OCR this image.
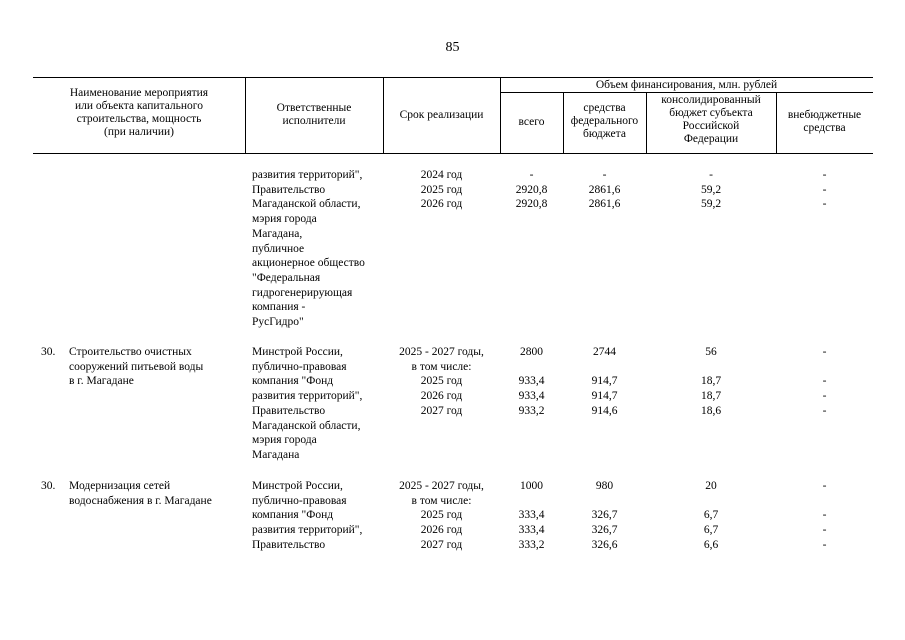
85
Наименование мероприятия
или объекта капитального
строительства, мощность
(при наличии)
Ответственные
исполнители	Срок реализации
Объем финансирования, млн. рублей
всего
средства
федерального
бюджета
консолидированный
бюджет субъекта
Российской
Федерации
внебюджетные
средства
развития территорий",
Правительство
Магаданской области,
мэрия города
Магадана,
публичное
акционерное общество
"Федеральная
гидрогенерирующая
компания -
РусГидро"
2024 год
2025 год
2026 год
-
2920,8
2920,8
-
2861,6
2861,6
-
59,2
59,2
-
-
-
30. Строительство очистных
сооружений питьевой воды
в г. Магадане
Минстрой России,
публично-правовая
компания "Фонд
развития территорий",
Правительство
Магаданской области,
мэрия города
Магадана
2025 - 2027 годы,
в том числе:
2025 год
2026 год
2027 год
2800

933,4
933,4
933,2
2744

914,7
914,7
914,6
56

18,7
18,7
18,6
-

-
-
-
30. Модернизация сетей
водоснабжения в г. Магадане
Минстрой России,
публично-правовая
компания "Фонд
развития территорий",
Правительство
2025 - 2027 годы,
в том числе:
2025 год
2026 год
2027 год
1000

333,4
333,4
333,2
980

326,7
326,7
326,6
20

6,7
6,7
6,6
-

-
-
-
